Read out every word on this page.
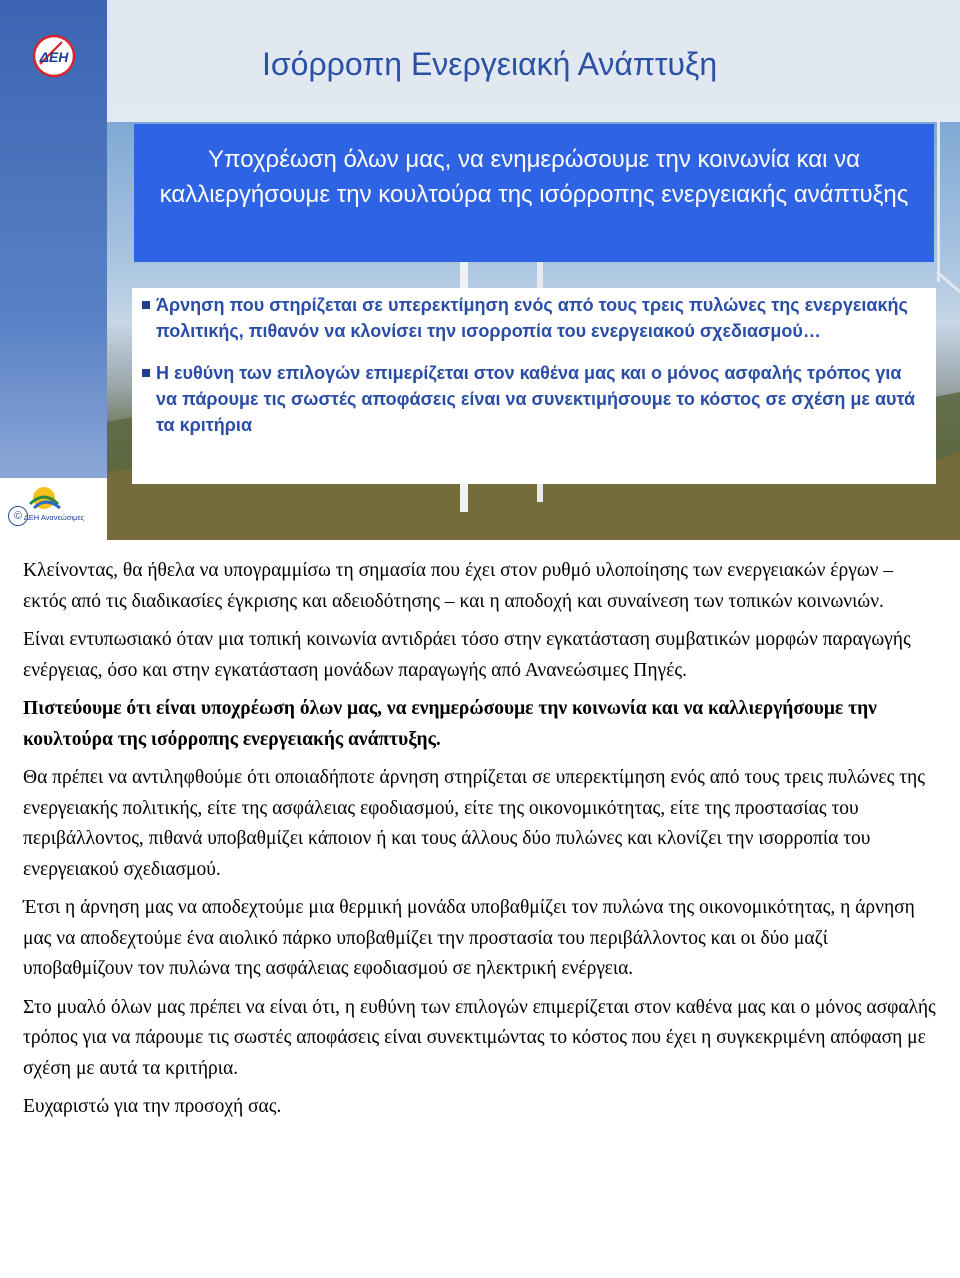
ΔΕΗ
ΔΕΗ Ανανεώσιμες
©
Ισόρροπη Ενεργειακή Ανάπτυξη
Υποχρέωση όλων μας, να ενημερώσουμε την κοινωνία και να καλλιεργήσουμε την κουλτούρα της ισόρροπης ενεργειακής ανάπτυξης
Άρνηση που στηρίζεται σε υπερεκτίμηση ενός από τους τρεις πυλώνες της ενεργειακής πολιτικής, πιθανόν να κλονίσει την ισορροπία του ενεργειακού σχεδιασμού…
Η ευθύνη των επιλογών επιμερίζεται στον καθένα μας και ο μόνος ασφαλής τρόπος για να πάρουμε τις σωστές αποφάσεις είναι να συνεκτιμήσουμε το κόστος σε σχέση με αυτά τα κριτήρια

Κλείνοντας, θα ήθελα να υπογραμμίσω τη σημασία που έχει στον ρυθμό υλοποίησης των ενεργειακών έργων – εκτός από τις διαδικασίες έγκρισης και αδειοδότησης – και η αποδοχή και συναίνεση των τοπικών κοινωνιών.

Είναι εντυπωσιακό όταν μια τοπική κοινωνία αντιδράει τόσο στην εγκατάσταση συμβατικών μορφών παραγωγής ενέργειας, όσο και στην εγκατάσταση μονάδων παραγωγής από Ανανεώσιμες Πηγές.

Πιστεύουμε ότι είναι υποχρέωση όλων μας, να ενημερώσουμε την κοινωνία και να καλλιεργήσουμε την κουλτούρα της ισόρροπης ενεργειακής ανάπτυξης.

Θα πρέπει να αντιληφθούμε ότι οποιαδήποτε άρνηση στηρίζεται σε υπερεκτίμηση ενός από τους τρεις πυλώνες της ενεργειακής πολιτικής, είτε της ασφάλειας εφοδιασμού, είτε της οικονομικότητας, είτε της προστασίας του περιβάλλοντος, πιθανά υποβαθμίζει κάποιον ή και τους άλλους δύο πυλώνες και κλονίζει την ισορροπία του ενεργειακού σχεδιασμού.

Έτσι η άρνηση μας να αποδεχτούμε μια θερμική μονάδα υποβαθμίζει τον πυλώνα της οικονομικότητας, η άρνηση μας να αποδεχτούμε ένα αιολικό πάρκο υποβαθμίζει την προστασία του περιβάλλοντος και οι δύο μαζί υποβαθμίζουν τον πυλώνα της ασφάλειας εφοδιασμού σε ηλεκτρική ενέργεια.

Στο μυαλό όλων μας πρέπει να είναι ότι, η ευθύνη των επιλογών επιμερίζεται στον καθένα μας και ο μόνος ασφαλής τρόπος για να πάρουμε τις σωστές αποφάσεις είναι συνεκτιμώντας το κόστος που έχει η συγκεκριμένη απόφαση με σχέση με αυτά τα κριτήρια.

Ευχαριστώ για την προσοχή σας.
